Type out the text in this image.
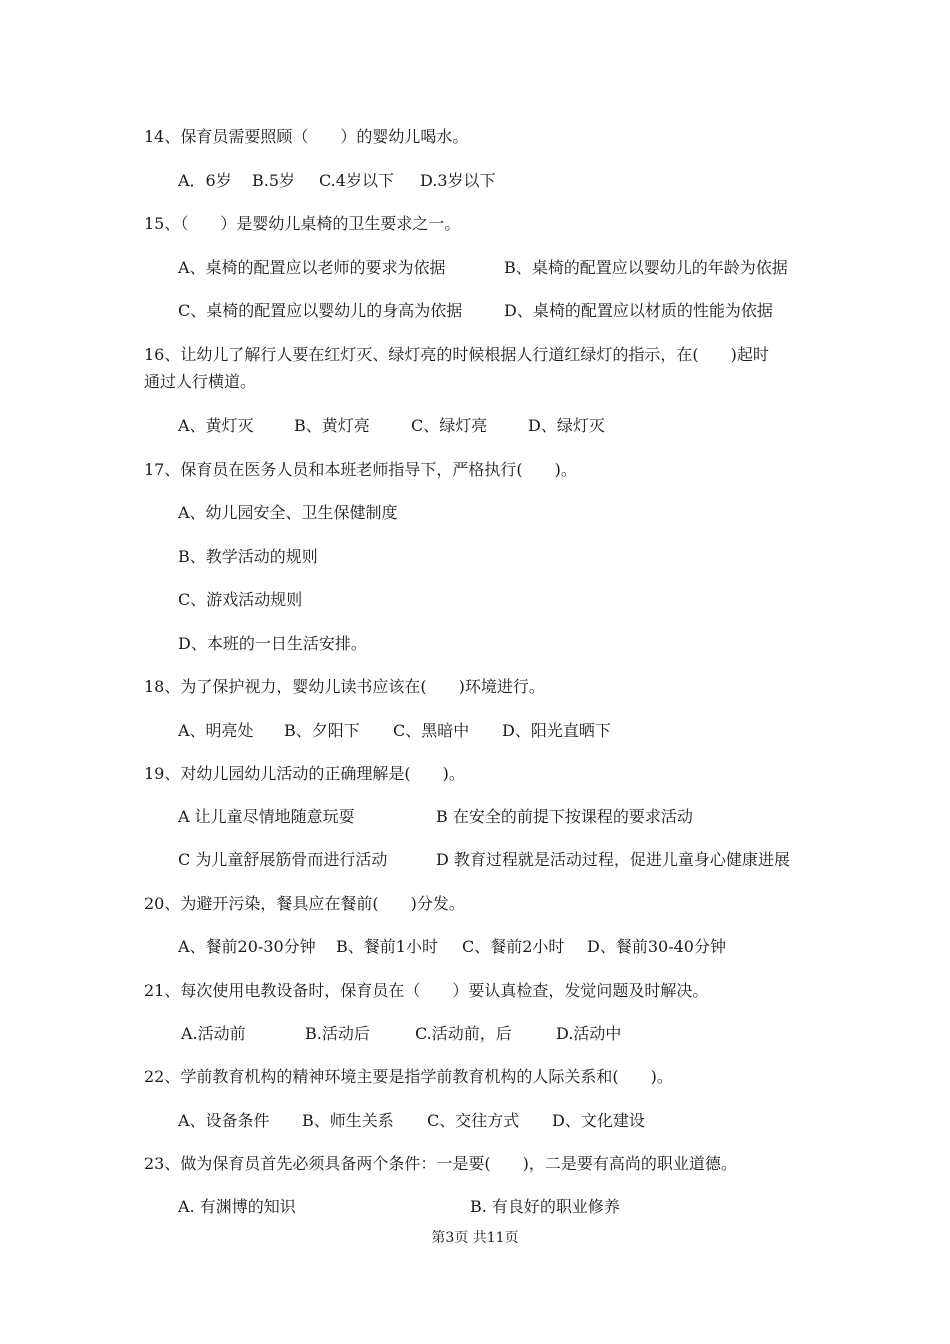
14、保育员需要照顾（　　）的婴幼儿喝水。
A．6岁 B.5岁 C.4岁以下 D.3岁以下
15、（　　）是婴幼儿桌椅的卫生要求之一。
A、桌椅的配置应以老师的要求为依据	B、桌椅的配置应以婴幼儿的年龄为依据
C、桌椅的配置应以婴幼儿的身高为依据	D、桌椅的配置应以材质的性能为依据
16、让幼儿了解行人要在红灯灭、绿灯亮的时候根据人行道红绿灯的指示，在(　　)起时
通过人行横道。
A、黄灯灭	B、黄灯亮	C、绿灯亮	D、绿灯灭
17、保育员在医务人员和本班老师指导下，严格执行(　　)。
A、幼儿园安全、卫生保健制度
B、教学活动的规则
C、游戏活动规则
D、本班的一日生活安排。
18、为了保护视力，婴幼儿读书应该在(　　)环境进行。
A、明亮处 B、夕阳下 C、黑暗中 D、阳光直晒下
19、对幼儿园幼儿活动的正确理解是(　　)。
A 让儿童尽情地随意玩耍	B 在安全的前提下按课程的要求活动
C 为儿童舒展筋骨而进行活动	D 教育过程就是活动过程，促进儿童身心健康进展
20、为避开污染，餐具应在餐前(　　)分发。
A、餐前20-30分钟 B、餐前1小时 C、餐前2小时 D、餐前30-40分钟
21、每次使用电教设备时，保育员在（　　）要认真检查，发觉问题及时解决。
A.活动前	B.活动后	C.活动前，后	D.活动中
22、学前教育机构的精神环境主要是指学前教育机构的人际关系和(　　)。
A、设备条件 B、师生关系 C、交往方式 D、文化建设
23、做为保育员首先必须具备两个条件：一是要(　　)，二是要有高尚的职业道德。
A. 有渊博的知识	B. 有良好的职业修养
第3页 共11页
